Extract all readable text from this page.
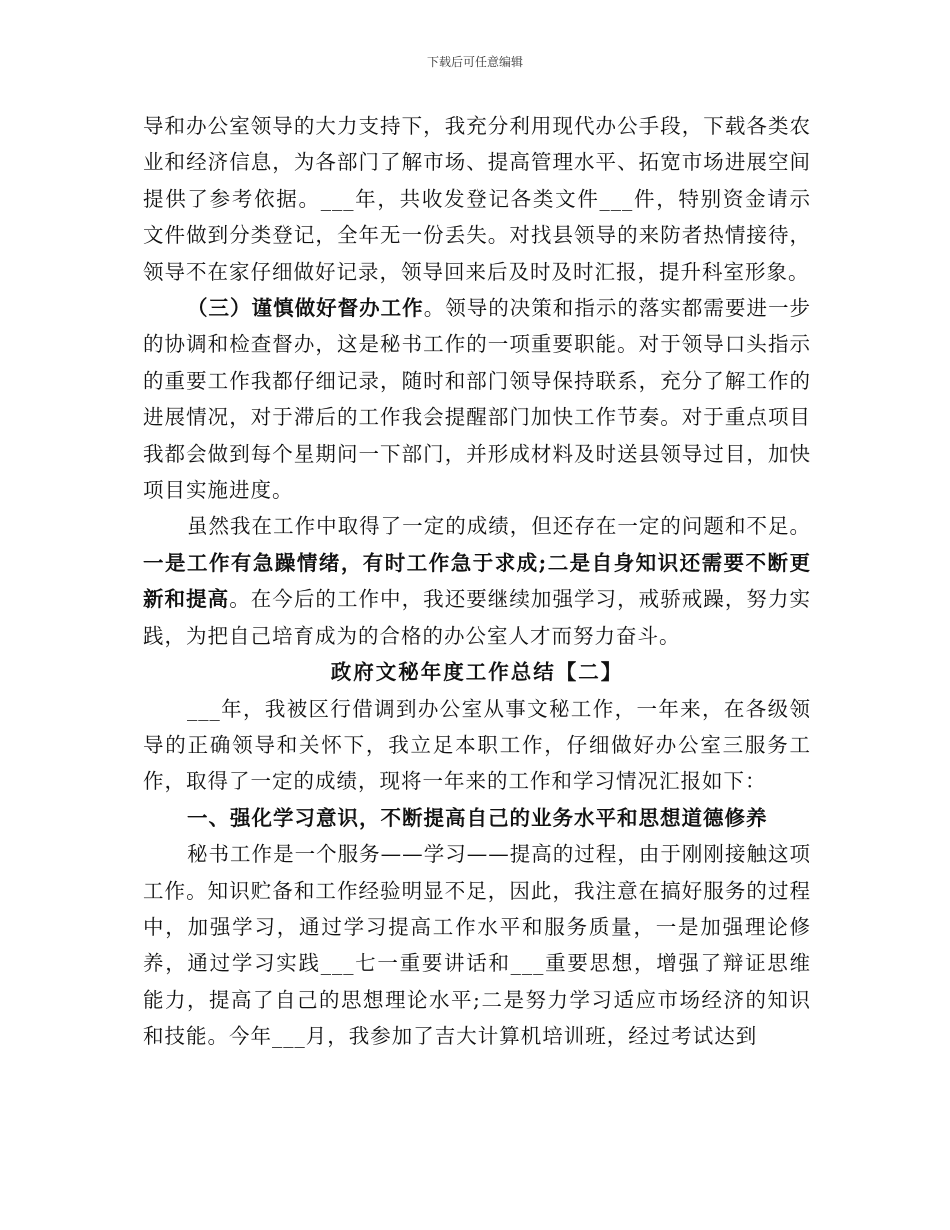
下载后可任意编辑

导和办公室领导的大力支持下，我充分利用现代办公手段，下载各类农业和经济信息，为各部门了解市场、提高管理水平、拓宽市场进展空间提供了参考依据。___年，共收发登记各类文件___件，特别资金请示文件做到分类登记，全年无一份丢失。对找县领导的来防者热情接待，领导不在家仔细做好记录，领导回来后及时及时汇报，提升科室形象。

（三）谨慎做好督办工作。领导的决策和指示的落实都需要进一步的协调和检查督办，这是秘书工作的一项重要职能。对于领导口头指示的重要工作我都仔细记录，随时和部门领导保持联系，充分了解工作的进展情况，对于滞后的工作我会提醒部门加快工作节奏。对于重点项目我都会做到每个星期问一下部门，并形成材料及时送县领导过目，加快项目实施进度。

虽然我在工作中取得了一定的成绩，但还存在一定的问题和不足。一是工作有急躁情绪，有时工作急于求成;二是自身知识还需要不断更新和提高。在今后的工作中，我还要继续加强学习，戒骄戒躁，努力实践，为把自己培育成为的合格的办公室人才而努力奋斗。

政府文秘年度工作总结【二】

___年，我被区行借调到办公室从事文秘工作，一年来，在各级领导的正确领导和关怀下，我立足本职工作，仔细做好办公室三服务工作，取得了一定的成绩，现将一年来的工作和学习情况汇报如下：

一、强化学习意识，不断提高自己的业务水平和思想道德修养

秘书工作是一个服务——学习——提高的过程，由于刚刚接触这项工作。知识贮备和工作经验明显不足，因此，我注意在搞好服务的过程中，加强学习，通过学习提高工作水平和服务质量，一是加强理论修养，通过学习实践___七一重要讲话和___重要思想，增强了辩证思维能力，提高了自己的思想理论水平;二是努力学习适应市场经济的知识和技能。今年___月，我参加了吉大计算机培训班，经过考试达到
